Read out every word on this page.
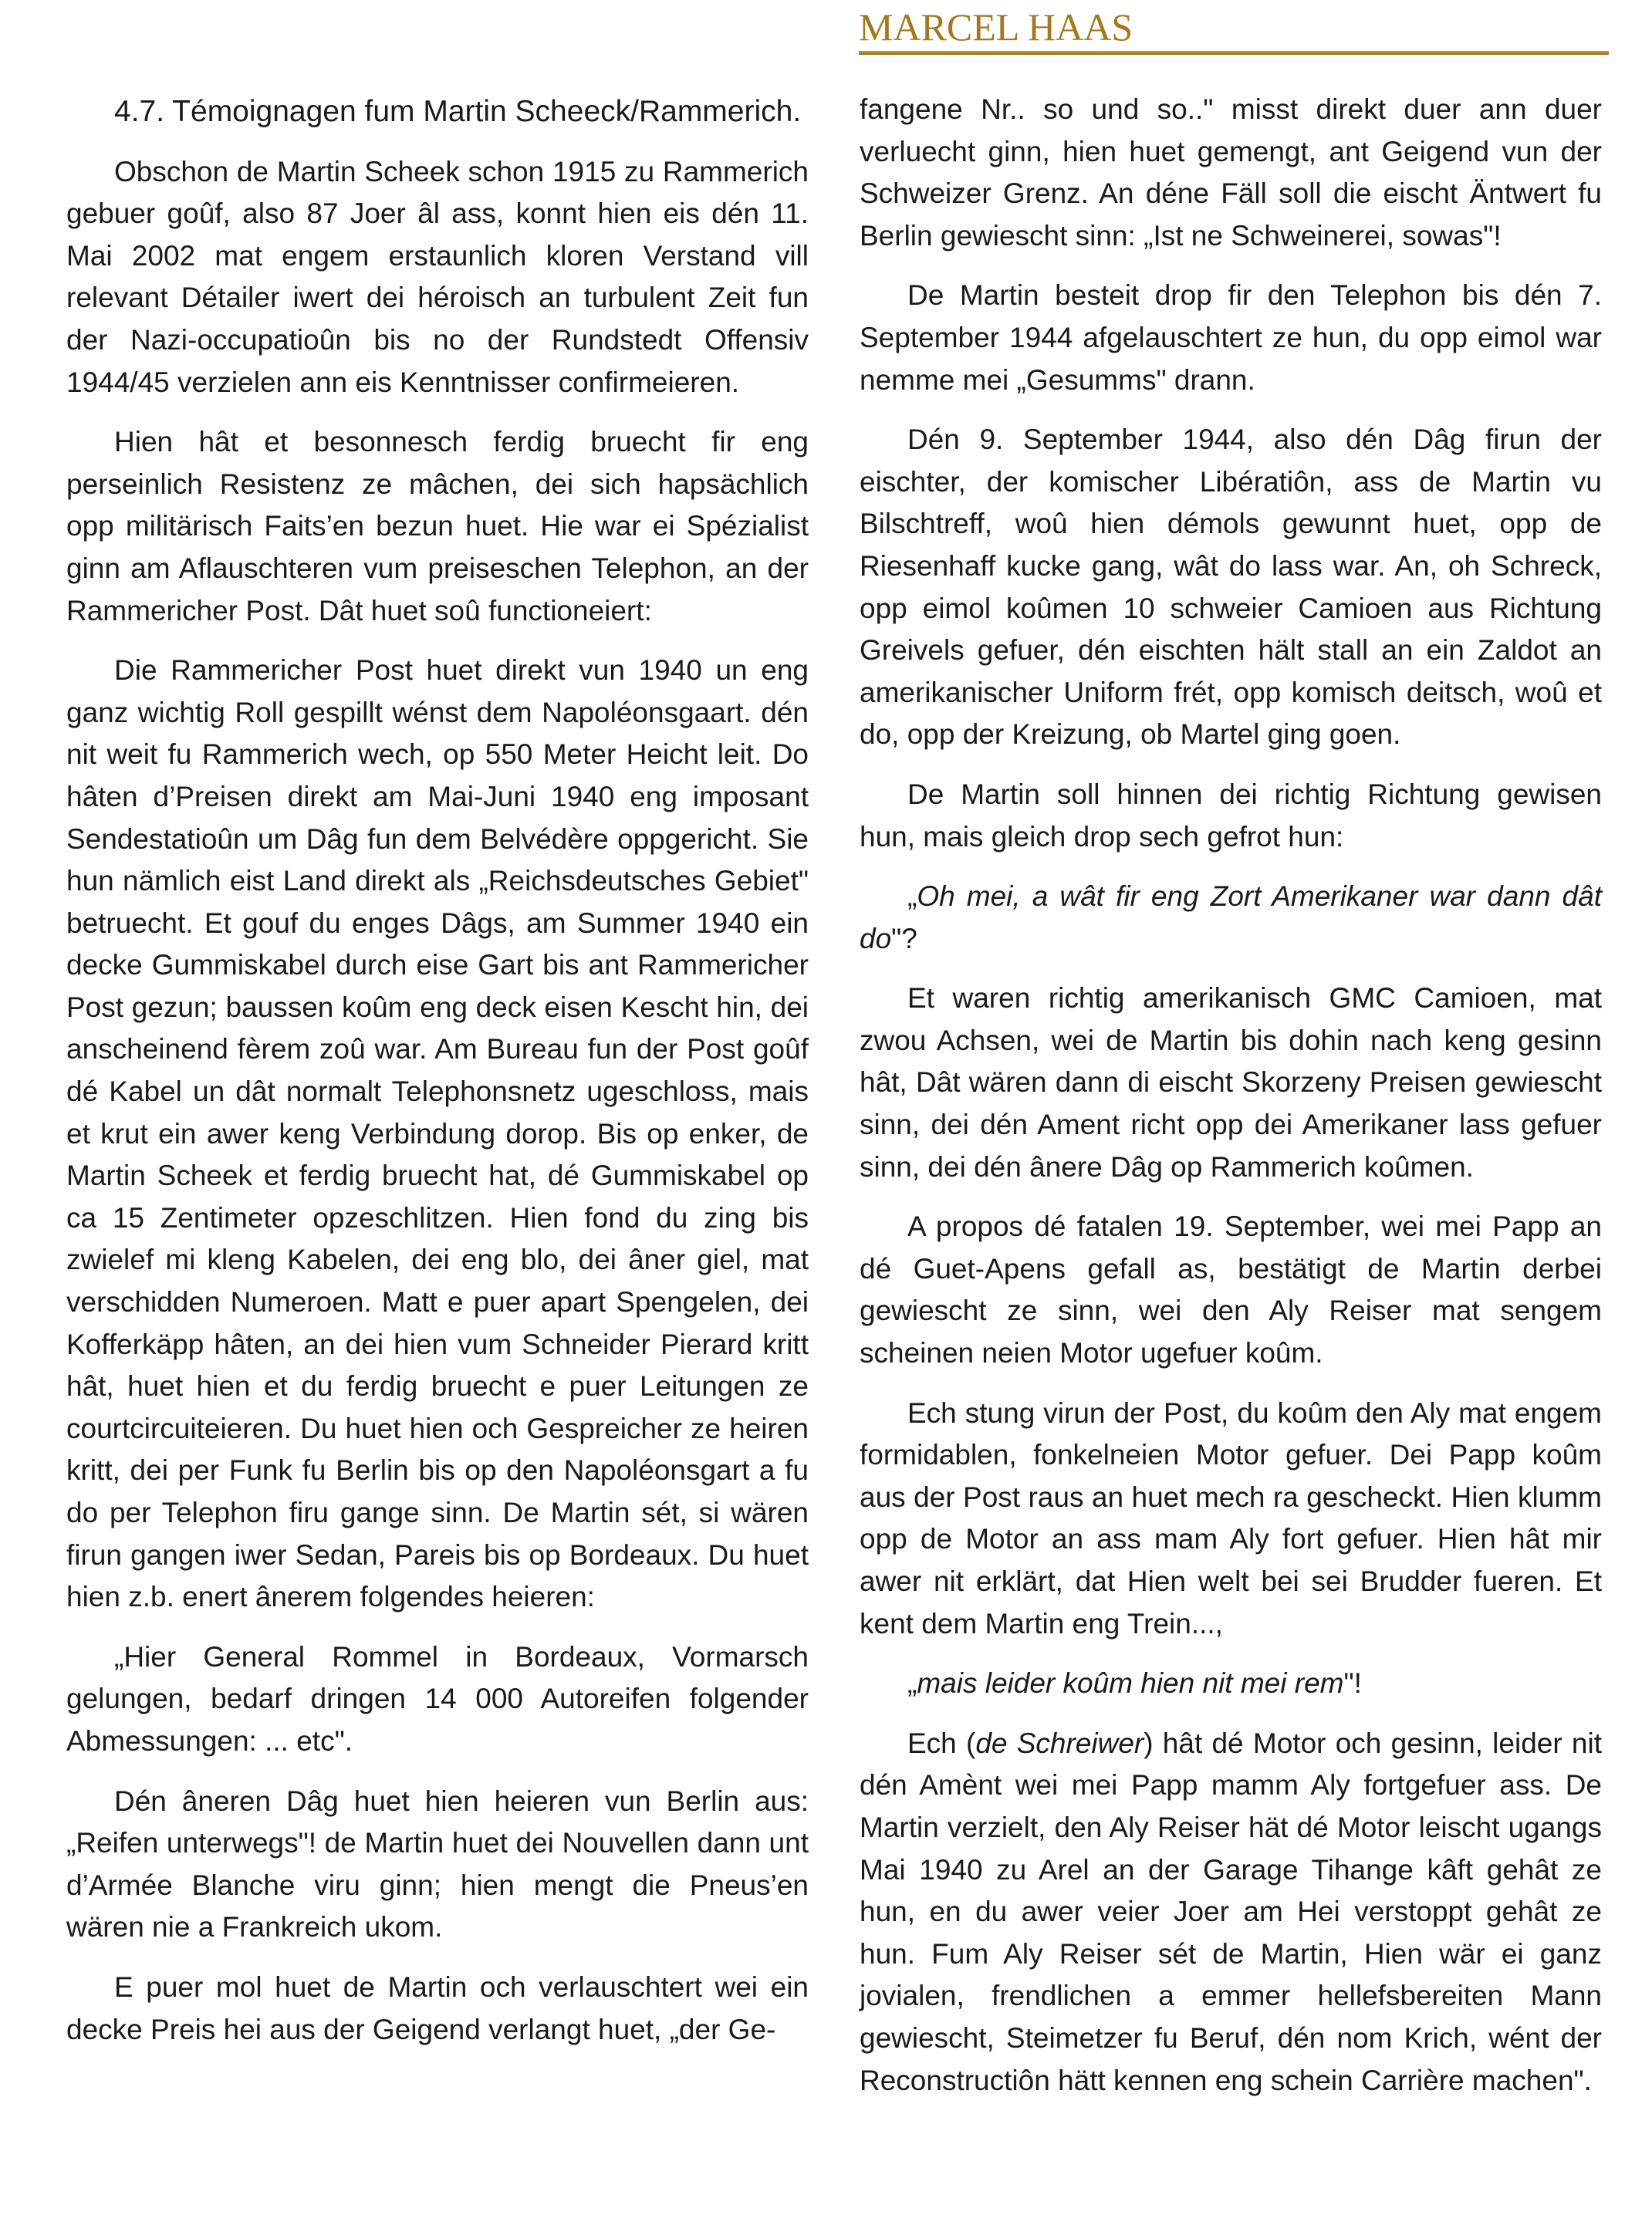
MARCEL HAAS

4.7. Témoignagen fum Martin Scheeck/Rammerich.

Obschon de Martin Scheek schon 1915 zu Rammerich gebuer goûf, also 87 Joer âl ass, konnt hien eis dén 11. Mai 2002 mat engem erstaunlich kloren Verstand vill relevant Détailer iwert dei héroisch an turbulent Zeit fun der Nazi-occupatioûn bis no der Rundstedt Offensiv 1944/45 verzielen ann eis Kenntnisser confirmeieren.

Hien hât et besonnesch ferdig bruecht fir eng perseinlich Resistenz ze mâchen, dei sich hapsächlich opp militärisch Faits’en bezun huet. Hie war ei Spézialist ginn am Aflauschteren vum preiseschen Telephon, an der Rammericher Post. Dât huet soû functioneiert:

Die Rammericher Post huet direkt vun 1940 un eng ganz wichtig Roll gespillt wénst dem Napoléonsgaart. dén nit weit fu Rammerich wech, op 550 Meter Heicht leit. Do hâten d’Preisen direkt am Mai-Juni 1940 eng imposant Sendestatioûn um Dâg fun dem Belvédère oppgericht. Sie hun nämlich eist Land direkt als „Reichsdeutsches Gebiet" betruecht. Et gouf du enges Dâgs, am Summer 1940 ein decke Gummiskabel durch eise Gart bis ant Rammericher Post gezun; baussen koûm eng deck eisen Kescht hin, dei anscheinend fèrem zoû war. Am Bureau fun der Post goûf dé Kabel un dât normalt Telephonsnetz ugeschloss, mais et krut ein awer keng Verbindung dorop. Bis op enker, de Martin Scheek et ferdig bruecht hat, dé Gummiskabel op ca 15 Zentimeter opzeschlitzen. Hien fond du zing bis zwielef mi kleng Kabelen, dei eng blo, dei âner giel, mat verschidden Numeroen. Matt e puer apart Spengelen, dei Kofferkäpp hâten, an dei hien vum Schneider Pierard kritt hât, huet hien et du ferdig bruecht e puer Leitungen ze courtcircuiteieren. Du huet hien och Gespreicher ze heiren kritt, dei per Funk fu Berlin bis op den Napoléonsgart a fu do per Telephon firu gange sinn. De Martin sét, si wären firun gangen iwer Sedan, Pareis bis op Bordeaux. Du huet hien z.b. enert ânerem folgendes heieren:

„Hier General Rommel in Bordeaux, Vormarsch gelungen, bedarf dringen 14 000 Autoreifen folgender Abmessungen: ... etc".

Dén âneren Dâg huet hien heieren vun Berlin aus: „Reifen unterwegs"! de Martin huet dei Nouvellen dann unt d’Armée Blanche viru ginn; hien mengt die Pneus’en wären nie a Frankreich ukom.

E puer mol huet de Martin och verlauschtert wei ein decke Preis hei aus der Geigend verlangt huet, „der Ge-

fangene Nr.. so und so.." misst direkt duer ann duer verluecht ginn, hien huet gemengt, ant Geigend vun der Schweizer Grenz. An déne Fäll soll die eischt Äntwert fu Berlin gewiescht sinn: „Ist ne Schweinerei, sowas"!

De Martin besteit drop fir den Telephon bis dén 7. September 1944 afgelauschtert ze hun, du opp eimol war nemme mei „Gesumms" drann.

Dén 9. September 1944, also dén Dâg firun der eischter, der komischer Libératiôn, ass de Martin vu Bilschtreff, woû hien démols gewunnt huet, opp de Riesenhaff kucke gang, wât do lass war. An, oh Schreck, opp eimol koûmen 10 schweier Camioen aus Richtung Greivels gefuer, dén eischten hält stall an ein Zaldot an amerikanischer Uniform frét, opp komisch deitsch, woû et do, opp der Kreizung, ob Martel ging goen.

De Martin soll hinnen dei richtig Richtung gewisen hun, mais gleich drop sech gefrot hun:

„Oh mei, a wât fir eng Zort Amerikaner war dann dât do"?

Et waren richtig amerikanisch GMC Camioen, mat zwou Achsen, wei de Martin bis dohin nach keng gesinn hât, Dât wären dann di eischt Skorzeny Preisen gewiescht sinn, dei dén Ament richt opp dei Amerikaner lass gefuer sinn, dei dén ânere Dâg op Rammerich koûmen.

A propos dé fatalen 19. September, wei mei Papp an dé Guet-Apens gefall as, bestätigt de Martin derbei gewiescht ze sinn, wei den Aly Reiser mat sengem scheinen neien Motor ugefuer koûm.

Ech stung virun der Post, du koûm den Aly mat engem formidablen, fonkelneien Motor gefuer. Dei Papp koûm aus der Post raus an huet mech ra gescheckt. Hien klumm opp de Motor an ass mam Aly fort gefuer. Hien hât mir awer nit erklärt, dat Hien welt bei sei Brudder fueren. Et kent dem Martin eng Trein...,

„mais leider koûm hien nit mei rem"!

Ech (de Schreiwer) hât dé Motor och gesinn, leider nit dén Amènt wei mei Papp mamm Aly fortgefuer ass. De Martin verzielt, den Aly Reiser hät dé Motor leischt ugangs Mai 1940 zu Arel an der Garage Tihange kâft gehât ze hun, en du awer veier Joer am Hei verstoppt gehât ze hun. Fum Aly Reiser sét de Martin, Hien wär ei ganz jovialen, frendlichen a emmer hellefsbereiten Mann gewiescht, Steimetzer fu Beruf, dén nom Krich, wént der Reconstructiôn hätt kennen eng schein Carrière machen".
